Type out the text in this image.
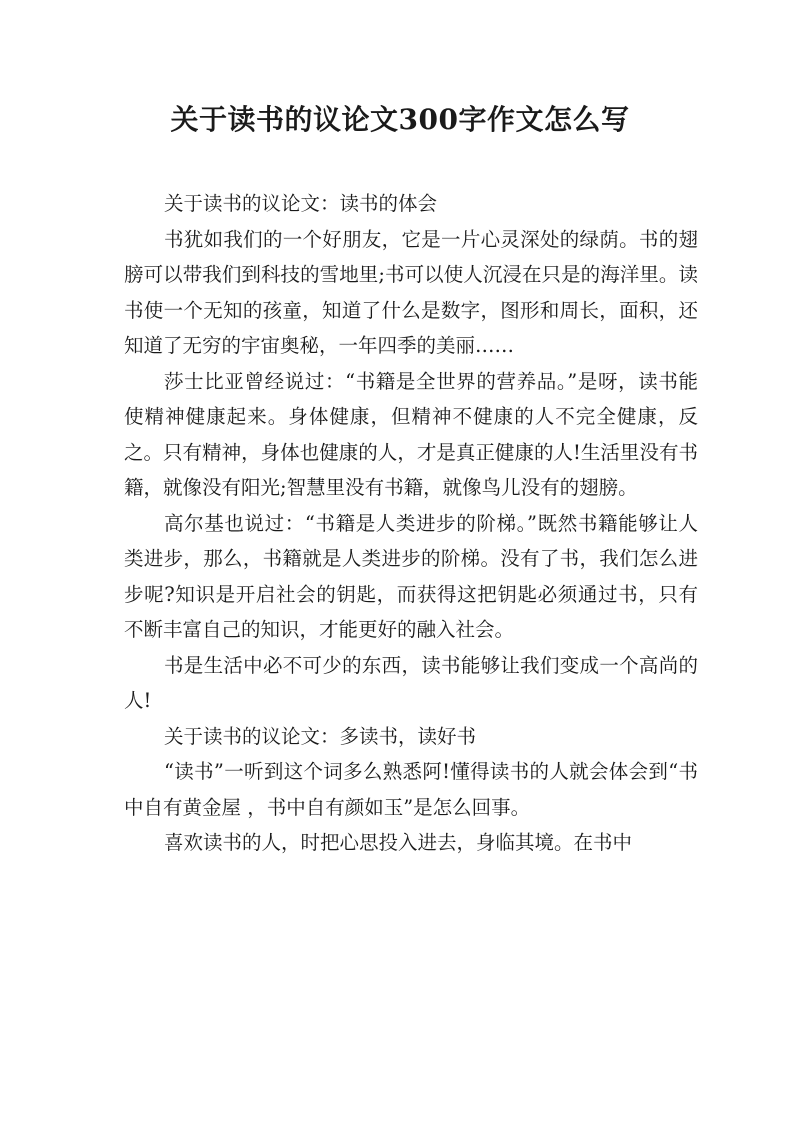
关于读书的议论文300字作文怎么写

关于读书的议论文：读书的体会

书犹如我们的一个好朋友，它是一片心灵深处的绿荫。书的翅膀可以带我们到科技的雪地里;书可以使人沉浸在只是的海洋里。读书使一个无知的孩童，知道了什么是数字，图形和周长，面积，还知道了无穷的宇宙奥秘，一年四季的美丽……

莎士比亚曾经说过：“书籍是全世界的营养品。”是呀，读书能使精神健康起来。身体健康，但精神不健康的人不完全健康，反之。只有精神，身体也健康的人，才是真正健康的人!生活里没有书籍，就像没有阳光;智慧里没有书籍，就像鸟儿没有的翅膀。

高尔基也说过：“书籍是人类进步的阶梯。”既然书籍能够让人类进步，那么，书籍就是人类进步的阶梯。没有了书，我们怎么进步呢?知识是开启社会的钥匙，而获得这把钥匙必须通过书，只有不断丰富自己的知识，才能更好的融入社会。

书是生活中必不可少的东西，读书能够让我们变成一个高尚的人!

关于读书的议论文：多读书，读好书

“读书”一听到这个词多么熟悉阿!懂得读书的人就会体会到“书中自有黄金屋 ，书中自有颜如玉”是怎么回事。

喜欢读书的人，时把心思投入进去，身临其境。在书中
